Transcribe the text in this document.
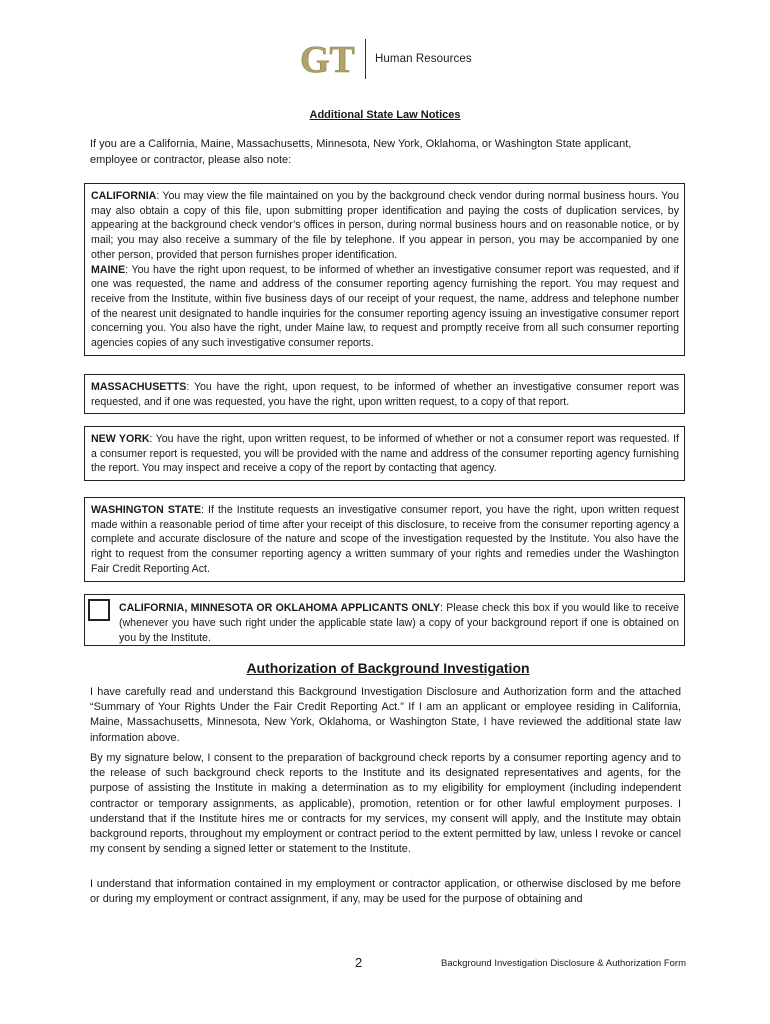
GT Human Resources
Additional State Law Notices
If you are a California, Maine, Massachusetts, Minnesota, New York, Oklahoma, or Washington State applicant, employee or contractor, please also note:

CALIFORNIA: You may view the file maintained on you by the background check vendor during normal business hours. You may also obtain a copy of this file, upon submitting proper identification and paying the costs of duplication services, by appearing at the background check vendor’s offices in person, during normal business hours and on reasonable notice, or by mail; you may also receive a summary of the file by telephone. If you appear in person, you may be accompanied by one other person, provided that person furnishes proper identification.

MAINE: You have the right upon request, to be informed of whether an investigative consumer report was requested, and if one was requested, the name and address of the consumer reporting agency furnishing the report. You may request and receive from the Institute, within five business days of our receipt of your request, the name, address and telephone number of the nearest unit designated to handle inquiries for the consumer reporting agency issuing an investigative consumer report concerning you. You also have the right, under Maine law, to request and promptly receive from all such consumer reporting agencies copies of any such investigative consumer reports.

MASSACHUSETTS: You have the right, upon request, to be informed of whether an investigative consumer report was requested, and if one was requested, you have the right, upon written request, to a copy of that report.

NEW YORK: You have the right, upon written request, to be informed of whether or not a consumer report was requested. If a consumer report is requested, you will be provided with the name and address of the consumer reporting agency furnishing the report. You may inspect and receive a copy of the report by contacting that agency.

WASHINGTON STATE: If the Institute requests an investigative consumer report, you have the right, upon written request made within a reasonable period of time after your receipt of this disclosure, to receive from the consumer reporting agency a complete and accurate disclosure of the nature and scope of the investigation requested by the Institute. You also have the right to request from the consumer reporting agency a written summary of your rights and remedies under the Washington Fair Credit Reporting Act.

CALIFORNIA, MINNESOTA OR OKLAHOMA APPLICANTS ONLY: Please check this box if you would like to receive (whenever you have such right under the applicable state law) a copy of your background report if one is obtained on you by the Institute.
Authorization of Background Investigation

I have carefully read and understand this Background Investigation Disclosure and Authorization form and the attached “Summary of Your Rights Under the Fair Credit Reporting Act.” If I am an applicant or employee residing in California, Maine, Massachusetts, Minnesota, New York, Oklahoma, or Washington State, I have reviewed the additional state law information above.

By my signature below, I consent to the preparation of background check reports by a consumer reporting agency and to the release of such background check reports to the Institute and its designated representatives and agents, for the purpose of assisting the Institute in making a determination as to my eligibility for employment (including independent contractor or temporary assignments, as applicable), promotion, retention or for other lawful employment purposes. I understand that if the Institute hires me or contracts for my services, my consent will apply, and the Institute may obtain background reports, throughout my employment or contract period to the extent permitted by law, unless I revoke or cancel my consent by sending a signed letter or statement to the Institute.

I understand that information contained in my employment or contractor application, or otherwise disclosed by me before or during my employment or contract assignment, if any, may be used for the purpose of obtaining and

2	Background Investigation Disclosure & Authorization Form
